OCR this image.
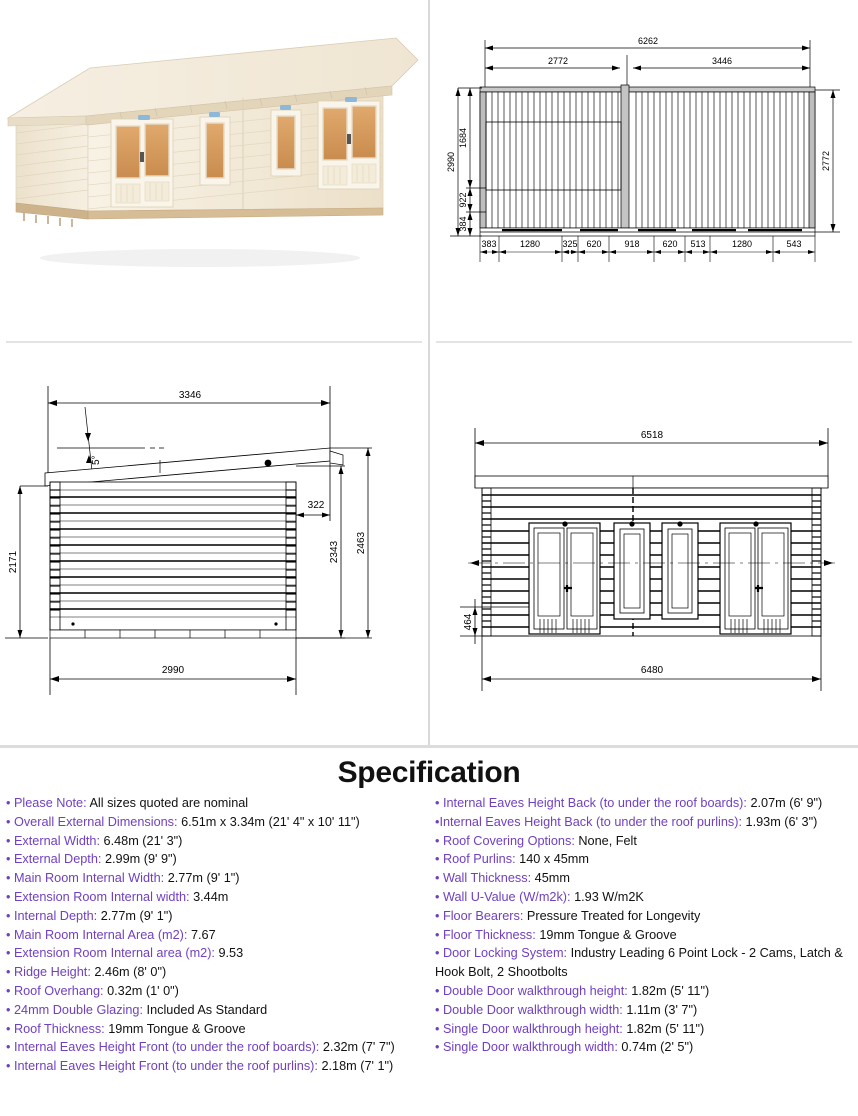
6262
2772	3446
2990
1684
922
384
2772
383	1280 325 620	918	620 513	1280	543
3346
5°
322
2343 2463
2171
2990
6518
464
6480
Specification

• Please Note: All sizes quoted are nominal

• Overall External Dimensions: 6.51m x 3.34m (21' 4" x 10' 11")

• External Width: 6.48m (21' 3")

• External Depth: 2.99m (9' 9")

• Main Room Internal Width: 2.77m (9' 1")

• Extension Room Internal width: 3.44m

• Internal Depth: 2.77m (9' 1")

• Main Room Internal Area (m2): 7.67

• Extension Room Internal area (m2): 9.53

• Ridge Height: 2.46m (8' 0")

• Roof Overhang: 0.32m (1' 0")

• 24mm Double Glazing: Included As Standard

• Roof Thickness: 19mm Tongue & Groove

• Internal Eaves Height Front (to under the roof boards): 2.32m (7' 7")

• Internal Eaves Height Front (to under the roof purlins): 2.18m (7' 1")

• Internal Eaves Height Back (to under the roof boards): 2.07m (6' 9")

•Internal Eaves Height Back (to under the roof purlins): 1.93m (6' 3")

• Roof Covering Options: None, Felt

• Roof Purlins: 140 x 45mm

• Wall Thickness: 45mm

• Wall U-Value (W/m2k): 1.93 W/m2K

• Floor Bearers: Pressure Treated for Longevity

• Floor Thickness: 19mm Tongue & Groove

• Door Locking System: Industry Leading 6 Point Lock - 2 Cams, Latch & Hook Bolt, 2 Shootbolts

• Double Door walkthrough height: 1.82m (5' 11")

• Double Door walkthrough width: 1.11m (3' 7")

• Single Door walkthrough height: 1.82m (5' 11")

• Single Door walkthrough width: 0.74m (2' 5")
